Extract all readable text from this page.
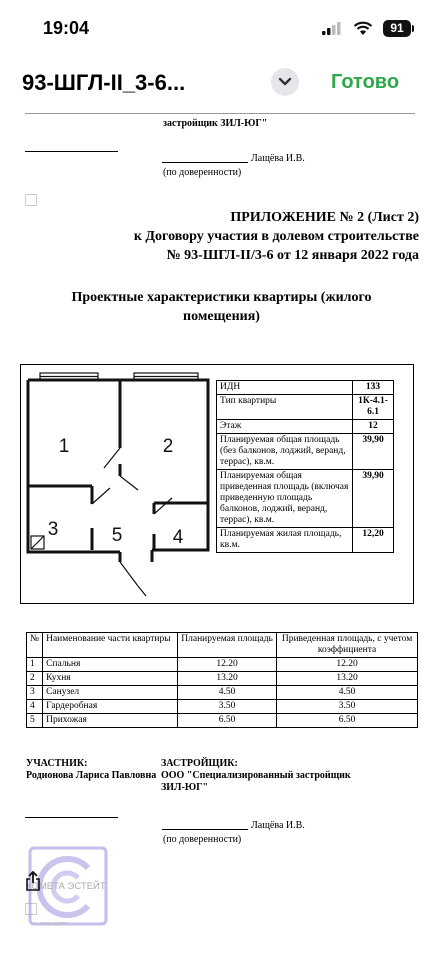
19:04	91
93-ШГЛ-II_3-6...	Готово
застройщик ЗИЛ-ЮГ"
Лащёва И.В.
(по доверенности)
ПРИЛОЖЕНИЕ № 2 (Лист 2)
к Договору участия в долевом строительстве
№ 93-ШГЛ-II/3-6 от 12 января 2022 года
Проектные характеристики квартиры (жилого
помещения)
1	2
3	4
5
ИДН	133
Тип квартиры	1К-4.1-6.1
Этаж	12
Планируемая общая площадь (без балконов, лоджий, веранд, террас), кв.м.	39,90
Планируемая общая приведенная площадь (включая приведенную площадь балконов, лоджий, веранд, террас), кв.м.	39,90
Планируемая жилая площадь, кв.м.	12,20
№	Наименование части квартиры	Планируемая площадь	Приведенная площадь, с учетом коэффициента
1	Спальня	12.20	12.20
2	Кухня	13.20	13.20
3	Санузел	4.50	4.50
4	Гардеробная	3.50	3.50
5	Прихожая	6.50	6.50
УЧАСТНИК:
Родионова Лариса Павловна
ЗАСТРОЙЩИК:
ООО "Специализированный застройщик
ЗИЛ-ЮГ"
Лащёва И.В.
(по доверенности)
КОМЕТА ЭСТЕЙТ
госте сдегга
